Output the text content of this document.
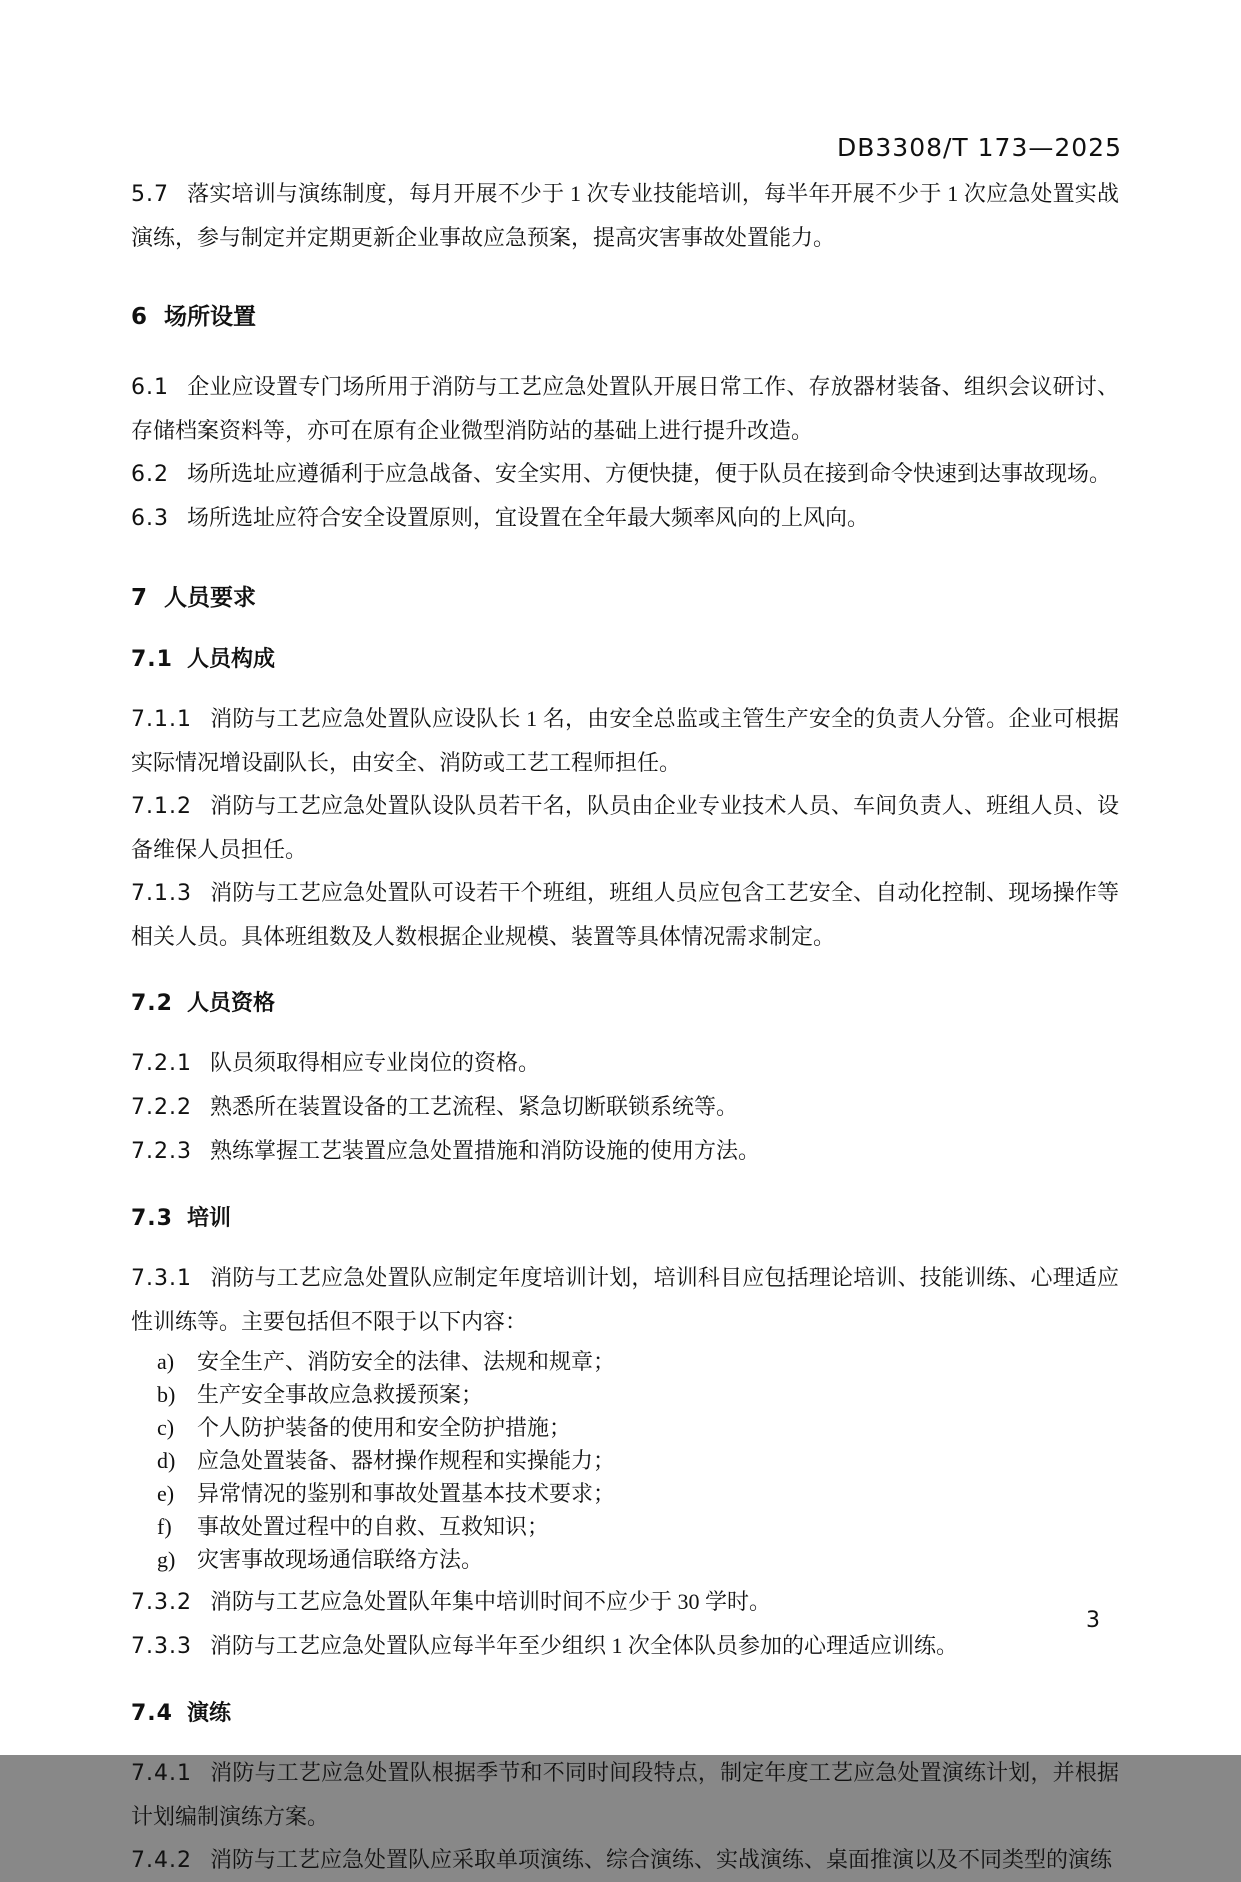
DB3308/T 173—2025

5.7 落实培训与演练制度，每月开展不少于 1 次专业技能培训，每半年开展不少于 1 次应急处置实战演练，参与制定并定期更新企业事故应急预案，提高灾害事故处置能力。

6 场所设置

6.1 企业应设置专门场所用于消防与工艺应急处置队开展日常工作、存放器材装备、组织会议研讨、存储档案资料等，亦可在原有企业微型消防站的基础上进行提升改造。

6.2 场所选址应遵循利于应急战备、安全实用、方便快捷，便于队员在接到命令快速到达事故现场。

6.3 场所选址应符合安全设置原则，宜设置在全年最大频率风向的上风向。

7 人员要求
7.1 人员构成

7.1.1 消防与工艺应急处置队应设队长 1 名，由安全总监或主管生产安全的负责人分管。企业可根据实际情况增设副队长，由安全、消防或工艺工程师担任。

7.1.2 消防与工艺应急处置队设队员若干名，队员由企业专业技术人员、车间负责人、班组人员、设备维保人员担任。

7.1.3 消防与工艺应急处置队可设若干个班组，班组人员应包含工艺安全、自动化控制、现场操作等相关人员。具体班组数及人数根据企业规模、装置等具体情况需求制定。

7.2 人员资格

7.2.1 队员须取得相应专业岗位的资格。

7.2.2 熟悉所在装置设备的工艺流程、紧急切断联锁系统等。

7.2.3 熟练掌握工艺装置应急处置措施和消防设施的使用方法。

7.3 培训

7.3.1 消防与工艺应急处置队应制定年度培训计划，培训科目应包括理论培训、技能训练、心理适应性训练等。主要包括但不限于以下内容：

a) 安全生产、消防安全的法律、法规和规章；
b) 生产安全事故应急救援预案；
c) 个人防护装备的使用和安全防护措施；
d) 应急处置装备、器材操作规程和实操能力；
e) 异常情况的鉴别和事故处置基本技术要求；
f) 事故处置过程中的自救、互救知识；
g) 灾害事故现场通信联络方法。

7.3.2 消防与工艺应急处置队年集中培训时间不应少于 30 学时。

7.3.3 消防与工艺应急处置队应每半年至少组织 1 次全体队员参加的心理适应训练。

7.4 演练

7.4.1 消防与工艺应急处置队根据季节和不同时间段特点，制定年度工艺应急处置演练计划，并根据计划编制演练方案。

7.4.2 消防与工艺应急处置队应采取单项演练、综合演练、实战演练、桌面推演以及不同类型的演练

3
